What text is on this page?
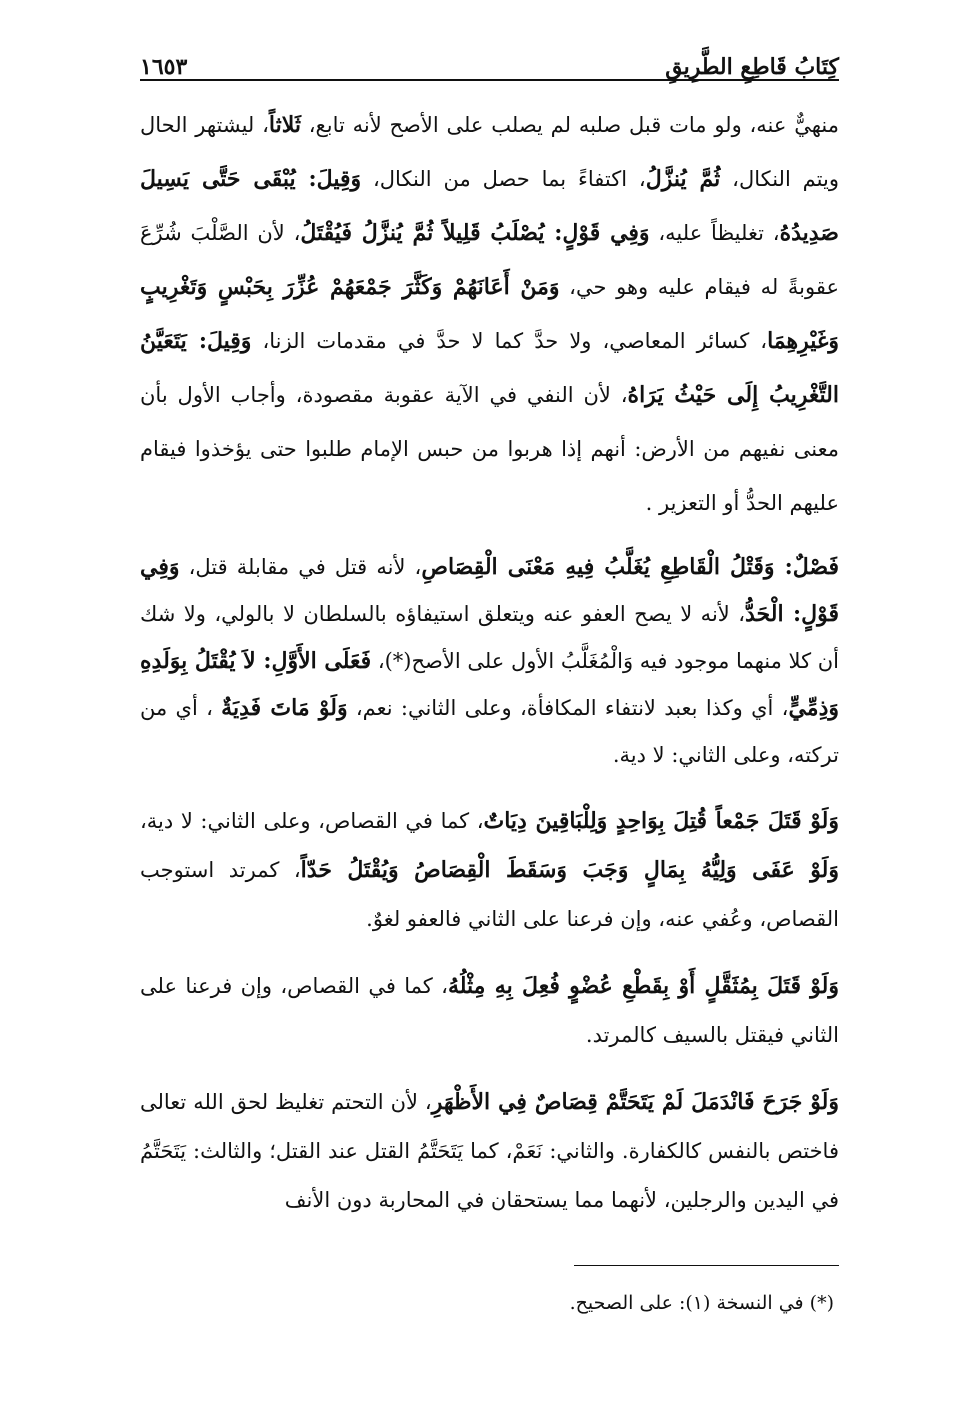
كِتَابُ قَاطِعِ الطَّرِيقِ
١٦٥٣

منهيٌّ عنه، ولو مات قبل صلبه لم يصلب على الأصح لأنه تابع، ثَلاثاً، ليشتهر الحال ويتم النكال، ثُمَّ يُنزَّلُ، اكتفاءً بما حصل من النكال، وَقِيلَ: يُبْقَى حَتَّى يَسِيلَ صَدِيدُهُ، تغليظاً عليه، وَفِي قَوْلٍ: يُصْلَبُ قَلِيلاً ثُمَّ يُنزَّلُ فَيُقْتَلُ، لأن الصَّلْبَ شُرِّعَ عقوبةً له فيقام عليه وهو حي، وَمَنْ أَعَانَهُمْ وَكَثَّرَ جَمْعَهُمْ عُزِّرَ بِحَبْسٍ وَتَغْرِيبٍ وَغَيْرِهِمَا، كسائر المعاصي، ولا حدَّ كما لا حدَّ في مقدمات الزنا، وَقِيلَ: يَتَعَيَّنُ التَّغْرِيبُ إِلَى حَيْثُ يَرَاهُ، لأن النفي في الآية عقوبة مقصودة، وأجاب الأول بأن معنى نفيهم من الأرض: أنهم إذا هربوا من حبس الإمام طلبوا حتى يؤخذوا فيقام عليهم الحدُّ أو التعزير .

فَصْلٌ: وَقَتْلُ الْقَاطِعِ يُغَلَّبُ فِيهِ مَعْنَى الْقِصَاصِ، لأنه قتل في مقابلة قتل، وَفِي قَوْلٍ: الْحَدُّ، لأنه لا يصح العفو عنه ويتعلق استيفاؤه بالسلطان لا بالولي، ولا شك أن كلا منهما موجود فيه وَالْمُغَلَّبُ الأول على الأصح(*)، فَعَلَى الأَوَّلِ: لاَ يُقْتَلُ بِوَلَدِهِ وَذِمِّيٍّ، أي وكذا بعبد لانتفاء المكافأة، وعلى الثاني: نعم، وَلَوْ مَاتَ فَدِيَةٌ ، أي من تركته، وعلى الثاني: لا دية.

وَلَوْ قَتَلَ جَمْعاً قُتِلَ بِوَاحِدٍ وَلِلْبَاقِينَ دِيَاتٌ، كما في القصاص، وعلى الثاني: لا دية، وَلَوْ عَفَى وَلِيُّهُ بِمَالٍ وَجَبَ وَسَقَطَ الْقِصَاصُ وَيُقْتَلُ حَدّاً، كمرتد استوجب القصاص، وعُفي عنه، وإن فرعنا على الثاني فالعفو لغوٌ.

وَلَوْ قَتَلَ بِمُثَقَّلٍ أَوْ بِقَطْعِ عُضْوٍ فُعِلَ بِهِ مِثْلُهُ، كما في القصاص، وإن فرعنا على الثاني فيقتل بالسيف كالمرتد.

وَلَوْ جَرَحَ فَانْدَمَلَ لَمْ يَتَحَتَّمْ قِصَاصٌ فِي الأَظْهَرِ، لأن التحتم تغليظ لحق الله تعالى فاختص بالنفس كالكفارة. والثاني: نَعَمْ، كما يَتَحَتَّمُ القتل عند القتل؛ والثالث: يَتَحَتَّمُ في اليدين والرجلين، لأنهما مما يستحقان في المحاربة دون الأنف

(*) في النسخة (١): على الصحيح.
